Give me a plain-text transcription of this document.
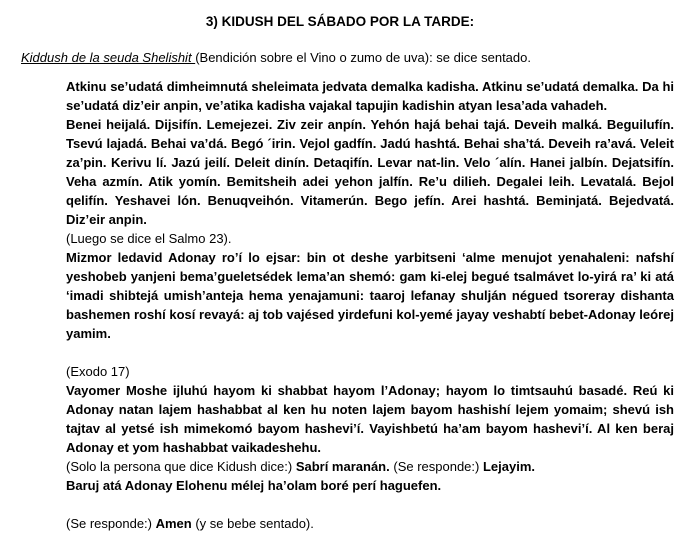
3) KIDUSH DEL SÁBADO POR LA TARDE:
Kiddush de la seuda Shelishit (Bendición sobre el Vino o zumo de uva): se dice sentado.

Atkinu se’udatá dimheimnutá sheleimata jedvata demalka kadisha. Atkinu se’udatá demalka. Da hi se’udatá diz’eir anpin, ve’atika kadisha vajakal tapujin kadishin atyan lesa’ada vahadeh.

Benei heijalá. Dijsifín. Lemejezei. Ziv zeir anpín. Yehón hajá behai tajá. Deveih malká. Beguilufín. Tsevú lajadá. Behai va’dá. Begó ´irin. Vejol gadfín. Jadú hashtá. Behai sha’tá. Deveih ra’avá. Veleit za’pin. Kerivu lí. Jazú jeilí. Deleit dinín. Detaqifín. Levar nat-lin. Velo ´alín. Hanei jalbín. Dejatsifín. Veha azmín. Atik yomín. Bemitsheih adei yehon jalfín. Re’u dilieh. Degalei leih. Levatalá. Bejol qelifín. Yeshavei lón. Benuqveihón. Vitamerún. Bego jefín. Arei hashtá. Beminjatá. Bejedvatá. Diz’eir anpin.

(Luego se dice el Salmo 23).

Mizmor ledavid Adonay ro’í lo ejsar: bin ot deshe yarbitseni ‘alme menujot yenahaleni: nafshí yeshobeb yanjeni bema’gueletsédek lema’an shemó: gam ki-elej begué tsalmávet lo-yirá ra’ ki atá ‘imadi shibtejá umish’anteja hema yenajamuni: taaroj lefanay shulján négued tsoreray dishanta bashemen roshí kosí revayá: aj tob vajésed yirdefuni kol-yemé jayay veshabtí bebet-Adonay leórej yamim.

(Exodo 17)

Vayomer Moshe ijluhú hayom ki shabbat hayom l’Adonay; hayom lo timtsauhú basadé. Reú ki Adonay natan lajem hashabbat al ken hu noten lajem bayom hashishí lejem yomaim; shevú ish tajtav al yetsé ish mimekomó bayom hashevi’í. Vayishbetú ha’am bayom hashevi’í. Al ken beraj Adonay et yom hashabbat vaikadeshehu.

(Solo la persona que dice Kidush dice:) Sabrí maranán. (Se responde:) Lejayim.

Baruj atá Adonay Elohenu mélej ha’olam boré perí haguefen.

(Se responde:) Amen (y se bebe sentado).
